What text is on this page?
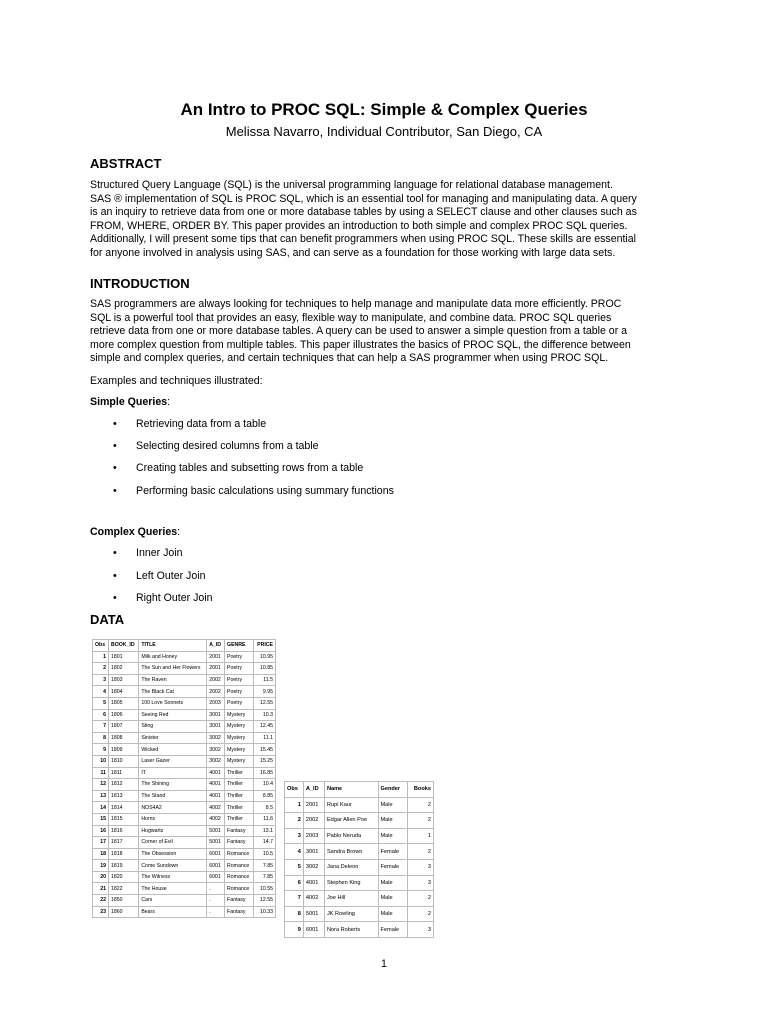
An Intro to PROC SQL: Simple & Complex Queries
Melissa Navarro, Individual Contributor, San Diego, CA
ABSTRACT
Structured Query Language (SQL) is the universal programming language for relational database management.
SAS ® implementation of SQL is PROC SQL, which is an essential tool for managing and manipulating data. A query
is an inquiry to retrieve data from one or more database tables by using a SELECT clause and other clauses such as
FROM, WHERE, ORDER BY. This paper provides an introduction to both simple and complex PROC SQL queries.
Additionally, I will present some tips that can benefit programmers when using PROC SQL. These skills are essential
for anyone involved in analysis using SAS, and can serve as a foundation for those working with large data sets.
INTRODUCTION
SAS programmers are always looking for techniques to help manage and manipulate data more efficiently. PROC
SQL is a powerful tool that provides an easy, flexible way to manipulate, and combine data. PROC SQL queries
retrieve data from one or more database tables. A query can be used to answer a simple question from a table or a
more complex question from multiple tables. This paper illustrates the basics of PROC SQL, the difference between
simple and complex queries, and certain techniques that can help a SAS programmer when using PROC SQL.
Examples and techniques illustrated:
Simple Queries:
• Retrieving data from a table
• Selecting desired columns from a table
• Creating tables and subsetting rows from a table
• Performing basic calculations using summary functions
Complex Queries:
• Inner Join
• Left Outer Join
• Right Outer Join
DATA
Obs	BOOK_ID	TITLE	A_ID	GENRE	PRICE
1	1801	Milk and Honey	2001	Poetry	10.95
2	1802	The Sun and Her Flowers	2001	Poetry	10.85
3	1803	The Raven	2002	Poetry	11.5
4	1804	The Black Cat	2002	Poetry	9.95
5	1805	100 Love Sonnets	2003	Poetry	12.55
6	1806	Seeing Red	3001	Mystery	10.3
7	1807	Sting	3001	Mystery	12.45
8	1808	Sinister	3002	Mystery	11.1
9	1809	Wicked	3002	Mystery	15.45
10	1810	Laser Gazer	3002	Mystery	15.25
11	1811	IT	4001	Thriller	16.85
12	1812	The Shining	4001	Thriller	10.4
13	1813	The Stand	4001	Thriller	8.85
14	1814	NOS4A2	4002	Thriller	8.5
15	1815	Horns	4002	Thriller	11.6
16	1816	Hogwarts	5001	Fantasy	13.1
17	1817	Corner of Evil	5001	Fantasy	14.7
18	1818	The Obsession	6001	Romance	10.5
19	1819	Come Sundown	6001	Romance	7.85
20	1820	The Witness	6001	Romance	7.85
21	1822	The House	.	Romance	10.55
22	1850	Cars	.	Fantasy	12.55
23	1860	Bears	.	Fantasy	10.33
Obs	A_ID	Name	Gender	Books
1	2001	Rupi Kaur	Male	2
2	2002	Edgar Allen Poe	Male	2
3	2003	Pablo Neruda	Male	1
4	3001	Sandra Brown	Female	2
5	3002	Jana Deleon	Female	3
6	4001	Stephen King	Male	3
7	4002	Joe Hill	Male	2
8	5001	JK Rowling	Male	2
9	6001	Nora Roberts	Female	3
1
